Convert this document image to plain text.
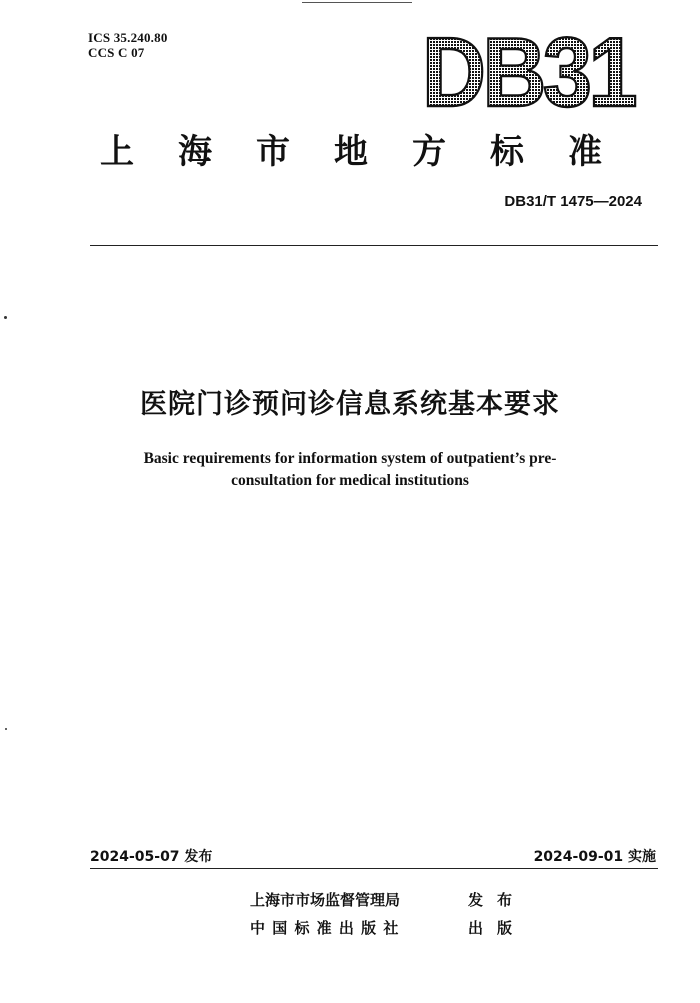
ICS 35.240.80
CCS C 07	DB31
上海市地方标准
DB31/T 1475—2024
医院门诊预问诊信息系统基本要求
Basic requirements for information system of outpatient’s pre-
consultation for medical institutions
2024-05-07 发布	2024-09-01 实施
上海市市场监督管理局	发布
中 国 标 准 出 版 社	出版
